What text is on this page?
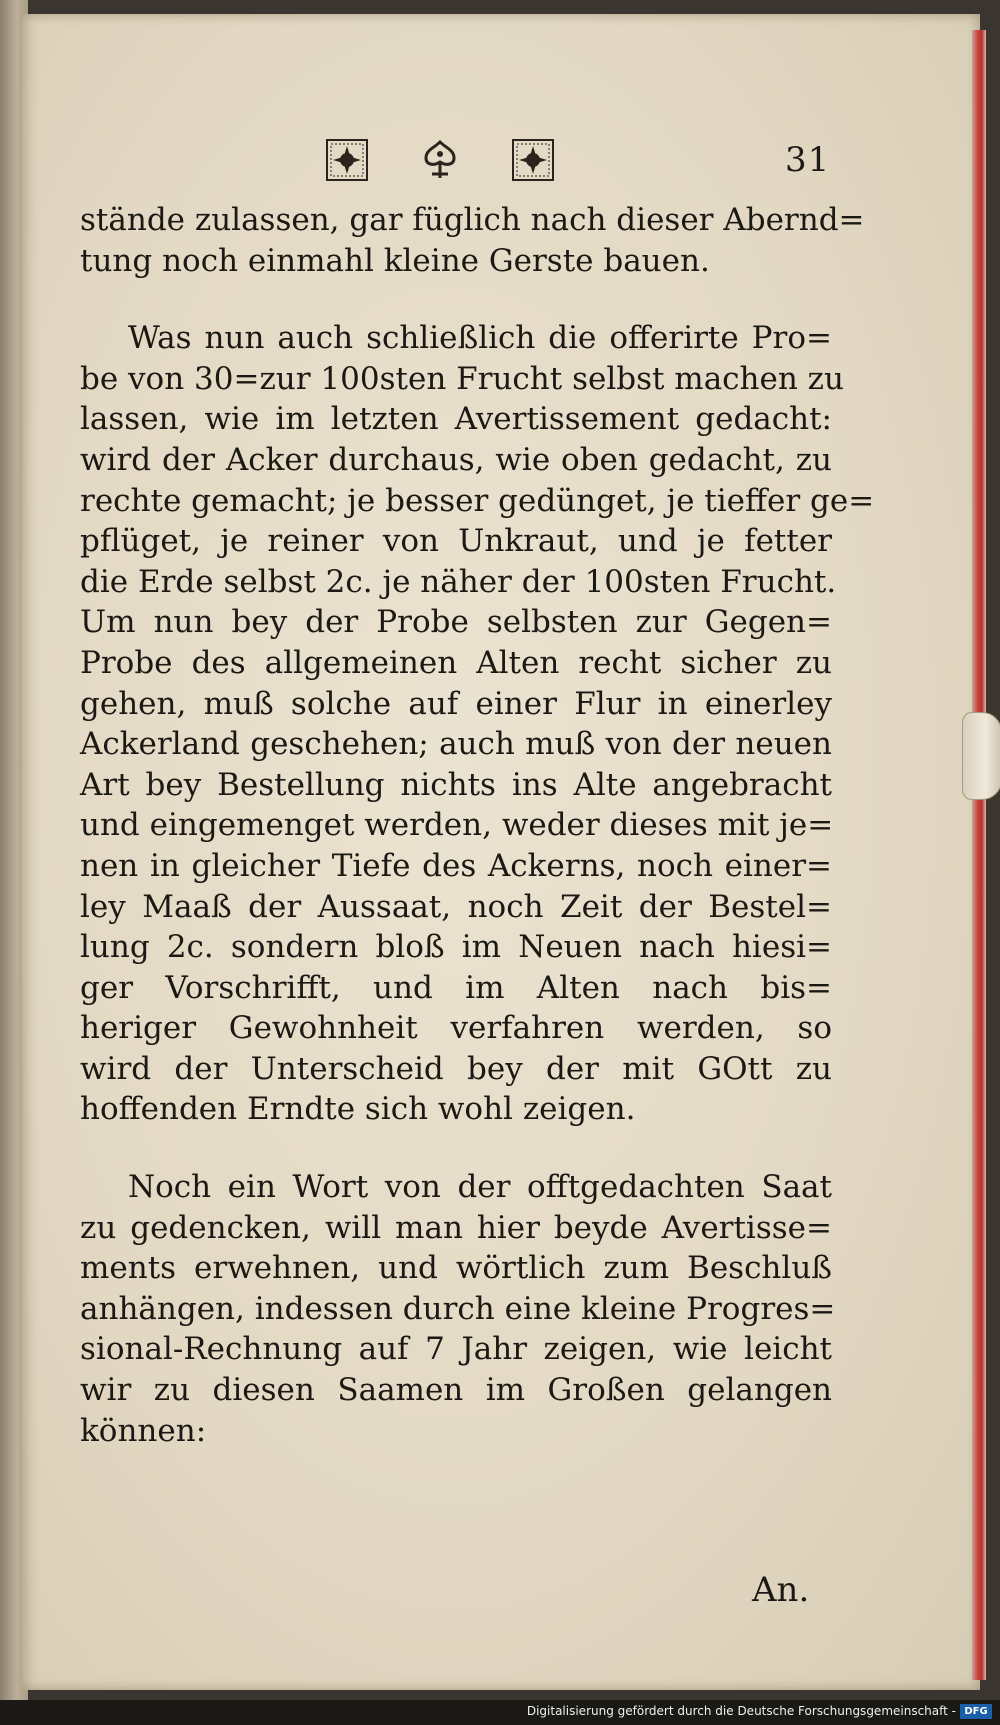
31
stände zulassen, gar füglich nach dieser Abernd=
tung noch einmahl kleine Gerste bauen.
Was nun auch schließlich die offerirte Pro=
be von 30=zur 100sten Frucht selbst machen zu
lassen, wie im letzten Avertissement gedacht:
wird der Acker durchaus, wie oben gedacht, zu
rechte gemacht; je besser gedünget, je tieffer ge=
pflüget, je reiner von Unkraut, und je fetter
die Erde selbst 2c. je näher der 100sten Frucht.
Um nun bey der Probe selbsten zur Gegen=
Probe des allgemeinen Alten recht sicher zu
gehen, muß solche auf einer Flur in einerley
Ackerland geschehen; auch muß von der neuen
Art bey Bestellung nichts ins Alte angebracht
und eingemenget werden, weder dieses mit je=
nen in gleicher Tiefe des Ackerns, noch einer=
ley Maaß der Aussaat, noch Zeit der Bestel=
lung 2c. sondern bloß im Neuen nach hiesi=
ger Vorschrifft, und im Alten nach bis=
heriger Gewohnheit verfahren werden, so
wird der Unterscheid bey der mit GOtt zu
hoffenden Erndte sich wohl zeigen.
Noch ein Wort von der offtgedachten Saat
zu gedencken, will man hier beyde Avertisse=
ments erwehnen, und wörtlich zum Beschluß
anhängen, indessen durch eine kleine Progres=
sional-Rechnung auf 7 Jahr zeigen, wie leicht
wir zu diesen Saamen im Großen gelangen
können:
An.
Digitalisierung gefördert durch die Deutsche Forschungsgemeinschaft - DFG
